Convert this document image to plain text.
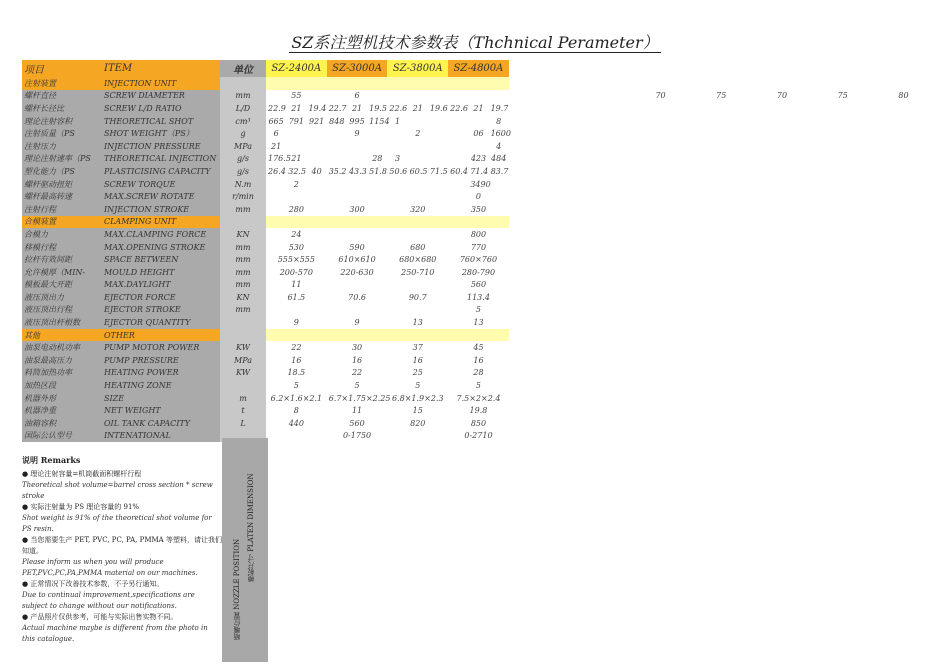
SZ系注塑机技术参数表（Thchnical Perameter）
项目	ITEM	单位	SZ-2400A			SZ-3000A			SZ-3800A			SZ-4800A									
注射装置	INJECTION UNIT																				
螺杆直径	SCREW DIAMETER	mm	55			6											70	75	70	75	80
螺杆长径比	SCREW L/D RATIO	L/D	22.9	21	19.4	22.7	21	19.5	22.6	21	19.6	22.6	21	19.7							
理论注射容积	THEORETICAL SHOT	cm³	665	791	921	848	995	1154	1					8							
注射质量（PS	SHOT WEIGHT（PS）	g	6				9			2			06	1600							
注射压力	INJECTION PRESSURE	MPa	21											4							
理论注射速率（PS	THEORETICAL INJECTION	g/s	176.5	21				28	3				423	484							
塑化能力（PS	PLASTICISING CAPACITY	g/s	26.4	32.5	40	35.2	43.3	51.8	50.6	60.5	71.5	60.4	71.4	83.7							
螺杆驱动扭矩	SCREW TORQUE	N.m		2									3490								
螺杆最高转速	MAX.SCREW ROTATE	r/min											0								
注射行程	INJECTION STROKE	mm	280			300			320			350									
合模装置	CLAMPING UNIT																				
合模力	MAX.CLAMPING FORCE	KN	24									800									
移模行程	MAX.OPENING STROKE	mm	530			590			680			770									
拉杆有效间距	SPACE BETWEEN	mm	555×555			610×610			680×680			760×760									
允许模厚（MIN-	MOULD HEIGHT	mm	200-570			220-630			250-710			280-790									
模板最大开距	MAX.DAYLIGHT	mm	11									560									
液压顶出力	EJECTOR FORCE	KN	61.5			70.6			90.7			113.4									
液压顶出行程	EJECTOR STROKE	mm										5									
液压顶出杆根数	EJECTOR QUANTITY		9			9			13			13									
其他	OTHER																				
油泵电动机功率	PUMP MOTOR POWER	KW	22			30			37			45									
油泵最高压力	PUMP PRESSURE	MPa	16			16			16			16									
料筒加热功率	HEATING POWER	KW	18.5			22			25			28									
加热区段	HEATING ZONE		5			5			5			5									
机器外形	SIZE	m	6.2×1.6×2.1			6.7×1.75×2.25			6.8×1.9×2.3			7.5×2×2.4									
机器净重	NET WEIGHT	t	8			11			15			19.8									
油箱容积	OIL TANK CAPACITY	L	440			560			820			850									
国际公认型号	INTENATIONAL					0-1750						0-2710									
喷嘴位置 NOZZLE POSITION
模板尺寸 PLATEN DIMENSION
说明 Remarks
● 理论注射容量=机筒截面积螺杆行程
Theoretical shot volume=barrel cross section * screw stroke
● 实际注射量为 PS 理论容量的 91%
Shot weight is 91% of the theoretical shot volume for PS resin.
● 当您需要生产 PET, PVC, PC, PA, PMMA 等塑料，请让我们知道。
Please inform us when you will produce PET,PVC,PC,PA,PMMA material on our machines.
● 正常情况下改善技术参数，不予另行通知。
Due to continual improvement,specifications are subject to change without our notifications.
● 产品照片仅供参考，可能与实际出售实物不同。
Actual machine maybe is different from the photo in this catalogue.
